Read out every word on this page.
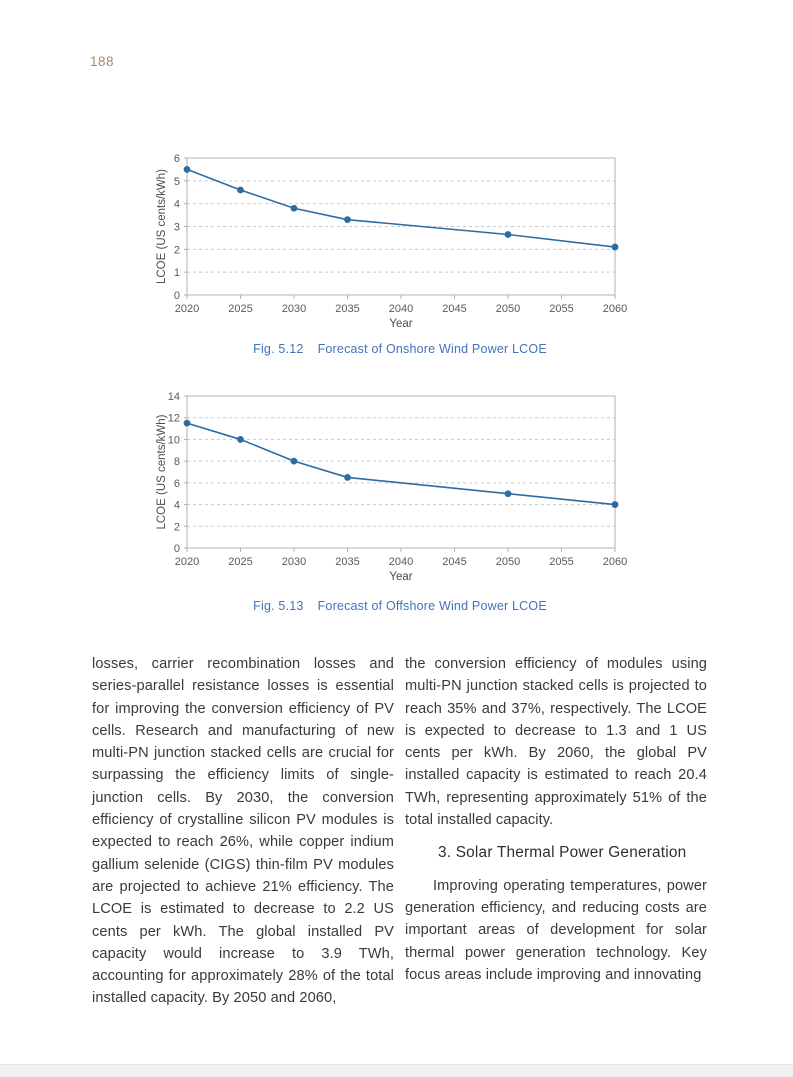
188
0
1
2
3
4
5
6
2020	2025	2030	2035	2040	2045	2050	2055	2060
Year
LCOE (US cents/kWh)
Fig. 5.12 Forecast of Onshore Wind Power LCOE
0
2
4
6
8
10
12
14
2020	2025	2030	2035	2040	2045	2050	2055	2060
Year
LCOE (US cents/kWh)
Fig. 5.13 Forecast of Offshore Wind Power LCOE

losses, carrier recombination losses and series-parallel resistance losses is essential for improving the conversion efficiency of PV cells. Research and manufacturing of new multi-PN junction stacked cells are crucial for surpassing the efficiency limits of single-junction cells. By 2030, the conversion efficiency of crystalline silicon PV modules is expected to reach 26%, while copper indium gallium selenide (CIGS) thin-film PV modules are projected to achieve 21% efficiency. The LCOE is estimated to decrease to 2.2 US cents per kWh. The global installed PV capacity would increase to 3.9 TWh, accounting for approximately 28% of the total installed capacity. By 2050 and 2060,

the conversion efficiency of modules using multi-PN junction stacked cells is projected to reach 35% and 37%, respectively. The LCOE is expected to decrease to 1.3 and 1 US cents per kWh. By 2060, the global PV installed capacity is estimated to reach 20.4 TWh, representing approximately 51% of the total installed capacity.

3. Solar Thermal Power Generation

Improving operating temperatures, power generation efficiency, and reducing costs are important areas of development for solar thermal power generation technology. Key focus areas include improving and innovating
